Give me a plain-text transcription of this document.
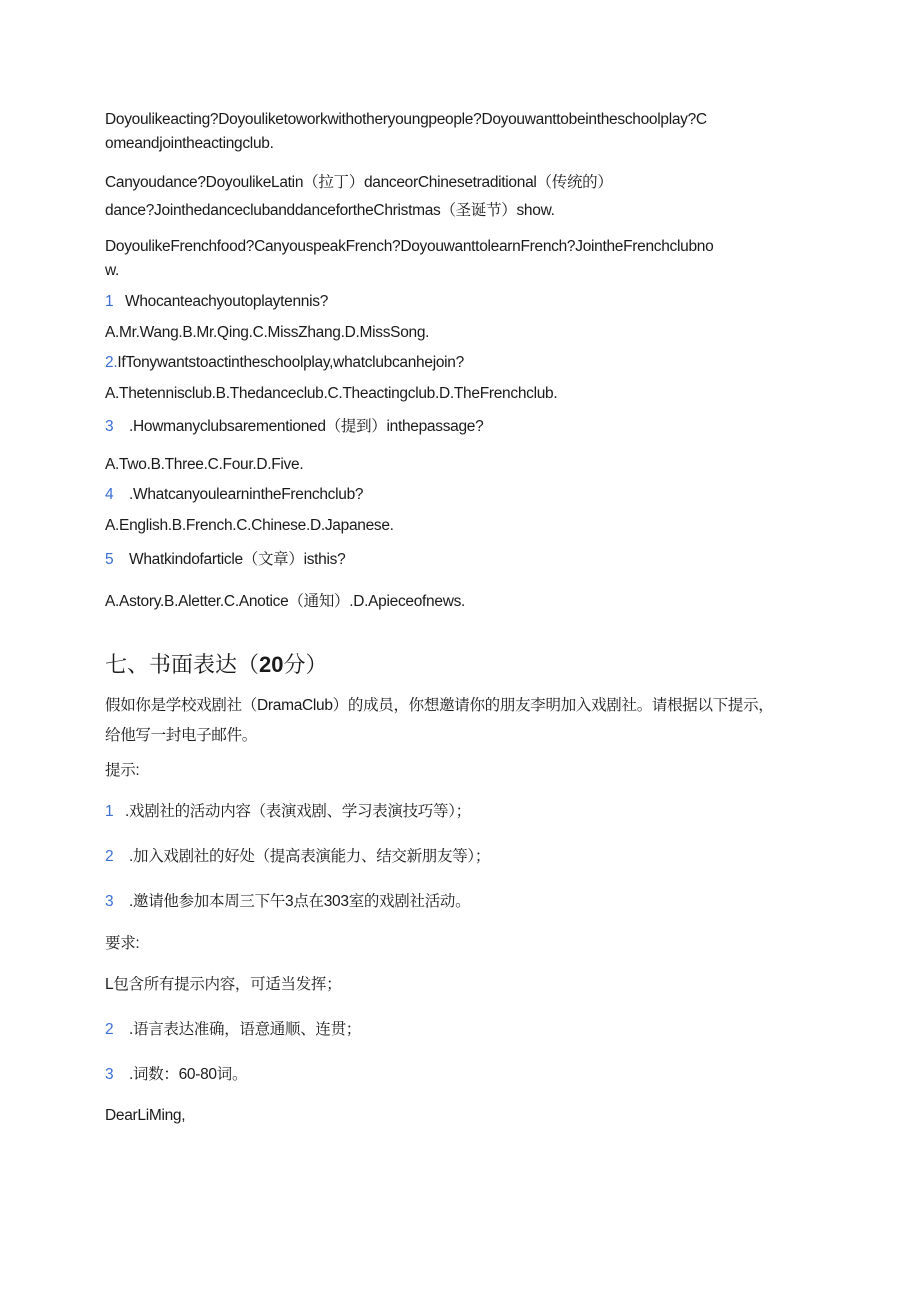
Doyoulikeacting?Doyouliketoworkwithotheryoungpeople?Doyouwanttobeintheschoolplay?C
omeandjointheactingclub.
Canyoudance?DoyoulikeLatin（拉丁）danceorChinesetraditional（传统的）
dance?JointhedanceclubanddancefortheChristmas（圣诞节）show.
DoyoulikeFrenchfood?CanyouspeakFrench?DoyouwanttolearnFrench?JointheFrenchclubno
w.
1 Whocanteachyoutoplaytennis?
A.Mr.Wang.B.Mr.Qing.C.MissZhang.D.MissSong.
2.IfTonywantstoactintheschoolplay,whatclubcanhejoin?
A.Thetennisclub.B.Thedanceclub.C.Theactingclub.D.TheFrenchclub.
3 .Howmanyclubsarementioned（提到）inthepassage?
A.Two.B.Three.C.Four.D.Five.
4 .WhatcanyoulearnintheFrenchclub?
A.English.B.French.C.Chinese.D.Japanese.
5 Whatkindofarticle（文章）isthis?
A.Astory.B.Aletter.C.Anotice（通知）.D.Apieceofnews.
七、书面表达（20分）
假如你是学校戏剧社（DramaClub）的成员，你想邀请你的朋友李明加入戏剧社。请根据以下提示，
给他写一封电子邮件。
提示:
1 .戏剧社的活动内容（表演戏剧、学习表演技巧等）；
2 .加入戏剧社的好处（提高表演能力、结交新朋友等）；
3 .邀请他参加本周三下午3点在303室的戏剧社活动。
要求:
L包含所有提示内容，可适当发挥；
2 .语言表达准确，语意通顺、连贯；
3 .词数：60-80词。
DearLiMing,
